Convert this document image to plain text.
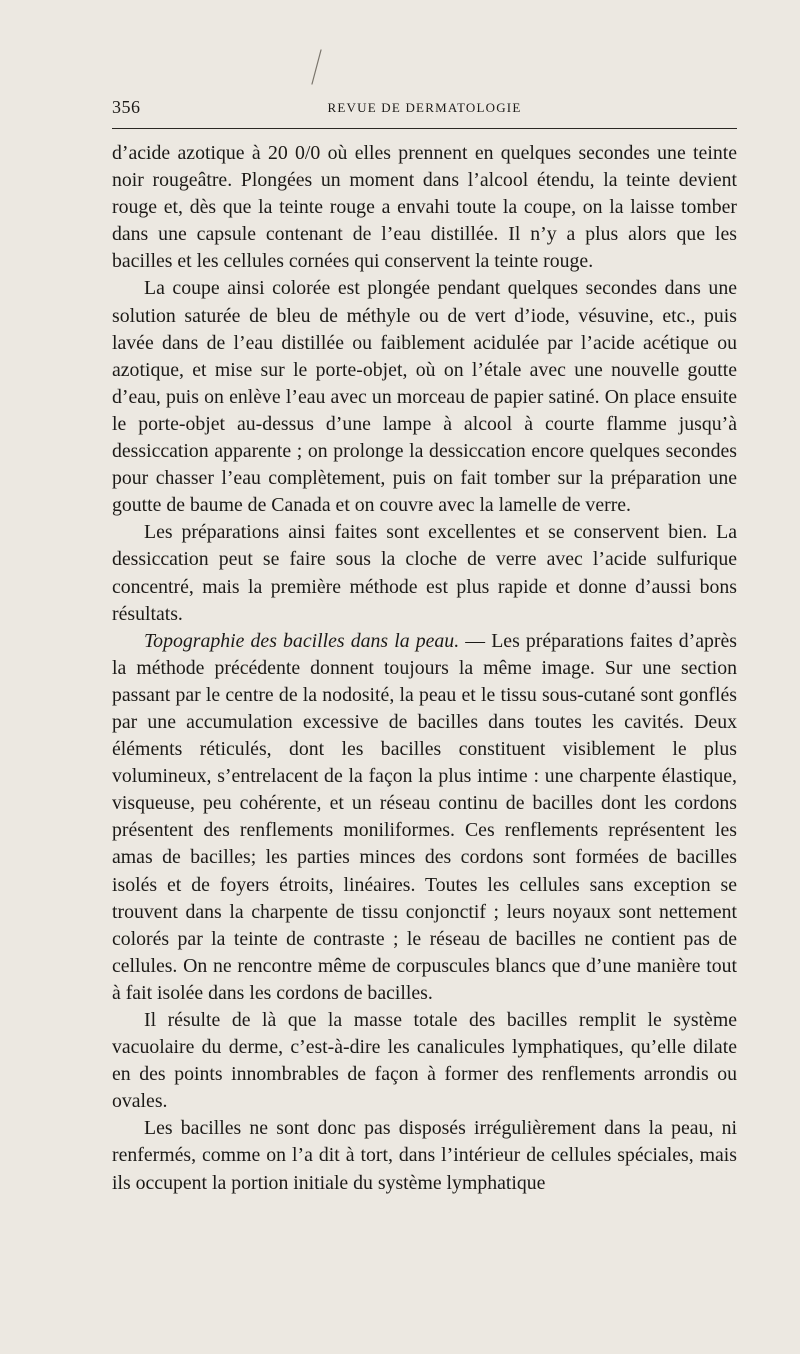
356	REVUE DE DERMATOLOGIE

d’acide azotique à 20 0/0 où elles prennent en quelques secondes une teinte noir rougeâtre. Plongées un moment dans l’alcool étendu, la teinte devient rouge et, dès que la teinte rouge a envahi toute la coupe, on la laisse tomber dans une capsule contenant de l’eau distillée. Il n’y a plus alors que les bacilles et les cellules cornées qui conservent la teinte rouge.

La coupe ainsi colorée est plongée pendant quelques secondes dans une solution saturée de bleu de méthyle ou de vert d’iode, vésuvine, etc., puis lavée dans de l’eau distillée ou faiblement acidulée par l’acide acétique ou azotique, et mise sur le porte-objet, où on l’étale avec une nouvelle goutte d’eau, puis on enlève l’eau avec un morceau de papier satiné. On place ensuite le porte-objet au-dessus d’une lampe à alcool à courte flamme jusqu’à dessiccation apparente ; on prolonge la dessiccation encore quelques secondes pour chasser l’eau complètement, puis on fait tomber sur la préparation une goutte de baume de Canada et on couvre avec la lamelle de verre.

Les préparations ainsi faites sont excellentes et se conservent bien. La dessiccation peut se faire sous la cloche de verre avec l’acide sulfurique concentré, mais la première méthode est plus rapide et donne d’aussi bons résultats.

Topographie des bacilles dans la peau. — Les préparations faites d’après la méthode précédente donnent toujours la même image. Sur une section passant par le centre de la nodosité, la peau et le tissu sous-cutané sont gonflés par une accumulation excessive de bacilles dans toutes les cavités. Deux éléments réticulés, dont les bacilles constituent visiblement le plus volumineux, s’entrelacent de la façon la plus intime : une charpente élastique, visqueuse, peu cohérente, et un réseau continu de bacilles dont les cordons présentent des renflements moniliformes. Ces renflements représentent les amas de bacilles; les parties minces des cordons sont formées de bacilles isolés et de foyers étroits, linéaires. Toutes les cellules sans exception se trouvent dans la charpente de tissu conjonctif ; leurs noyaux sont nettement colorés par la teinte de contraste ; le réseau de bacilles ne contient pas de cellules. On ne rencontre même de corpuscules blancs que d’une manière tout à fait isolée dans les cordons de bacilles.

Il résulte de là que la masse totale des bacilles remplit le système vacuolaire du derme, c’est-à-dire les canalicules lymphatiques, qu’elle dilate en des points innombrables de façon à former des renflements arrondis ou ovales.

Les bacilles ne sont donc pas disposés irrégulièrement dans la peau, ni renfermés, comme on l’a dit à tort, dans l’intérieur de cellules spéciales, mais ils occupent la portion initiale du système lymphatique
